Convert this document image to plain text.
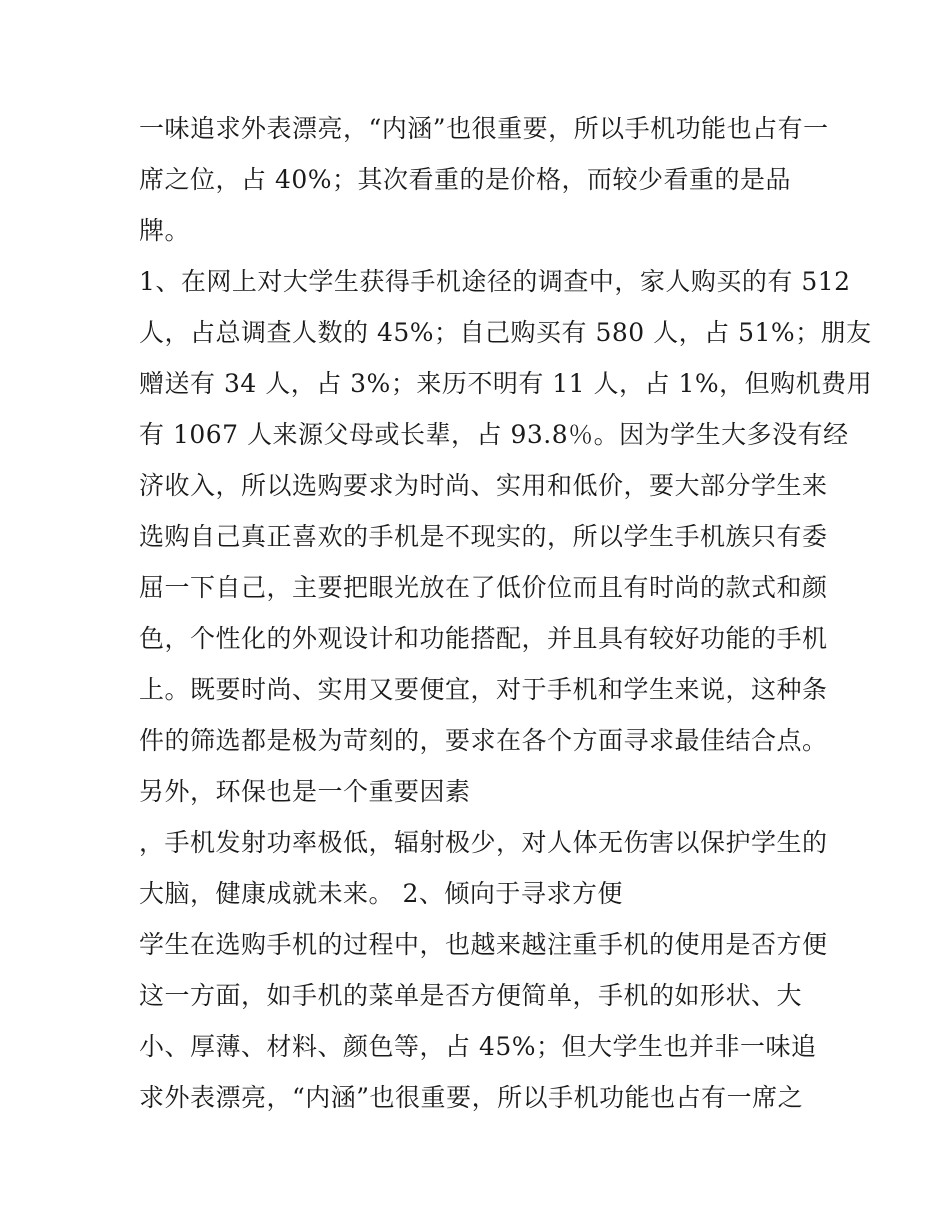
一味追求外表漂亮，“内涵”也很重要，所以手机功能也占有一

席之位，占 40%；其次看重的是价格，而较少看重的是品

牌。

1、在网上对大学生获得手机途径的调查中，家人购买的有 512

人，占总调查人数的 45%；自己购买有 580 人，占 51%；朋友

赠送有 34 人，占 3%；来历不明有 11 人，占 1%，但购机费用

有 1067 人来源父母或长辈，占 93.8％。因为学生大多没有经

济收入，所以选购要求为时尚、实用和低价，要大部分学生来

选购自己真正喜欢的手机是不现实的，所以学生手机族只有委

屈一下自己，主要把眼光放在了低价位而且有时尚的款式和颜

色，个性化的外观设计和功能搭配，并且具有较好功能的手机

上。既要时尚、实用又要便宜，对于手机和学生来说，这种条

件的筛选都是极为苛刻的，要求在各个方面寻求最佳结合点。

另外，环保也是一个重要因素

，手机发射功率极低，辐射极少，对人体无伤害以保护学生的

大脑，健康成就未来。 2、倾向于寻求方便

学生在选购手机的过程中，也越来越注重手机的使用是否方便

这一方面，如手机的菜单是否方便简单，手机的如形状、大

小、厚薄、材料、颜色等，占 45%；但大学生也并非一味追

求外表漂亮，“内涵”也很重要，所以手机功能也占有一席之
